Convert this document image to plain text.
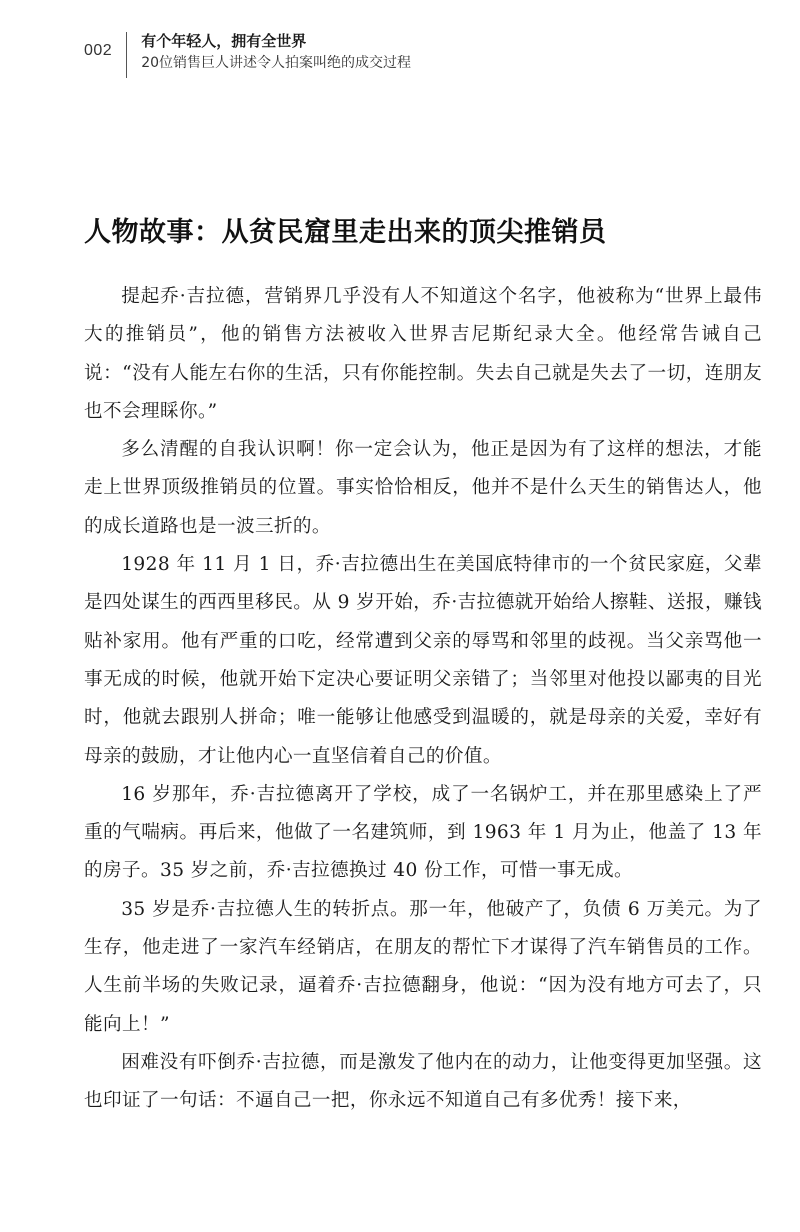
002
有个年轻人，拥有全世界
20位销售巨人讲述令人拍案叫绝的成交过程
人物故事：从贫民窟里走出来的顶尖推销员

提起乔·吉拉德，营销界几乎没有人不知道这个名字，他被称为“世界上最伟大的推销员”，他的销售方法被收入世界吉尼斯纪录大全。他经常告诫自己说：“没有人能左右你的生活，只有你能控制。失去自己就是失去了一切，连朋友也不会理睬你。”

多么清醒的自我认识啊！你一定会认为，他正是因为有了这样的想法，才能走上世界顶级推销员的位置。事实恰恰相反，他并不是什么天生的销售达人，他的成长道路也是一波三折的。

1928 年 11 月 1 日，乔·吉拉德出生在美国底特律市的一个贫民家庭，父辈是四处谋生的西西里移民。从 9 岁开始，乔·吉拉德就开始给人擦鞋、送报，赚钱贴补家用。他有严重的口吃，经常遭到父亲的辱骂和邻里的歧视。当父亲骂他一事无成的时候，他就开始下定决心要证明父亲错了；当邻里对他投以鄙夷的目光时，他就去跟别人拼命；唯一能够让他感受到温暖的，就是母亲的关爱，幸好有母亲的鼓励，才让他内心一直坚信着自己的价值。

16 岁那年，乔·吉拉德离开了学校，成了一名锅炉工，并在那里感染上了严重的气喘病。再后来，他做了一名建筑师，到 1963 年 1 月为止，他盖了 13 年的房子。35 岁之前，乔·吉拉德换过 40 份工作，可惜一事无成。

35 岁是乔·吉拉德人生的转折点。那一年，他破产了，负债 6 万美元。为了生存，他走进了一家汽车经销店，在朋友的帮忙下才谋得了汽车销售员的工作。人生前半场的失败记录，逼着乔·吉拉德翻身，他说：“因为没有地方可去了，只能向上！”

困难没有吓倒乔·吉拉德，而是激发了他内在的动力，让他变得更加坚强。这也印证了一句话：不逼自己一把，你永远不知道自己有多优秀！接下来，
